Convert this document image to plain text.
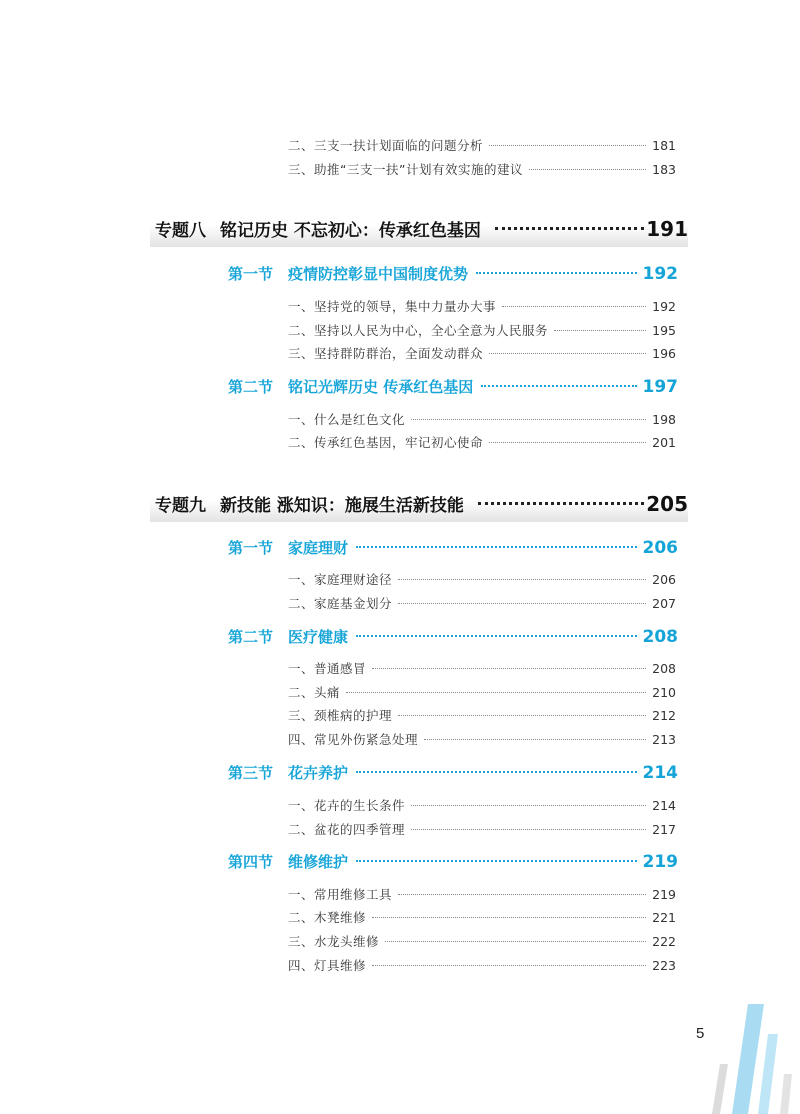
二、三支一扶计划面临的问题分析	181
三、助推“三支一扶”计划有效实施的建议	183
专题八 铭记历史 不忘初心：传承红色基因	191
第一节 疫情防控彰显中国制度优势	192
一、坚持党的领导，集中力量办大事	192
二、坚持以人民为中心，全心全意为人民服务	195
三、坚持群防群治，全面发动群众	196
第二节 铭记光辉历史 传承红色基因	197
一、什么是红色文化	198
二、传承红色基因，牢记初心使命	201
专题九 新技能 涨知识：施展生活新技能	205
第一节 家庭理财	206
一、家庭理财途径	206
二、家庭基金划分	207
第二节 医疗健康	208
一、普通感冒	208
二、头痛	210
三、颈椎病的护理	212
四、常见外伤紧急处理	213
第三节 花卉养护	214
一、花卉的生长条件	214
二、盆花的四季管理	217
第四节 维修维护	219
一、常用维修工具	219
二、木凳维修	221
三、水龙头维修	222
四、灯具维修	223
5
